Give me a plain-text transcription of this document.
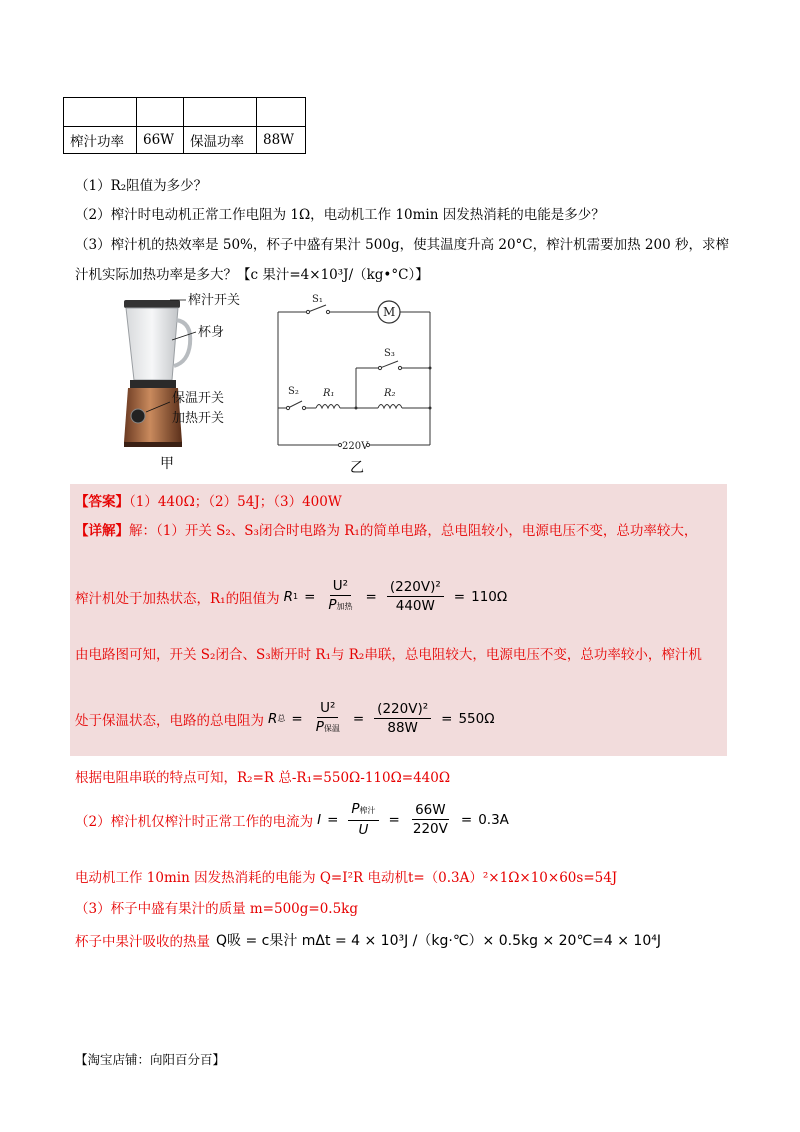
榨汁功率	66W	保温功率	88W
（1）R₂阻值为多少？
（2）榨汁时电动机正常工作电阻为 1Ω，电动机工作 10min 因发热消耗的电能是多少？
（3）榨汁机的热效率是 50%，杯子中盛有果汁 500g，使其温度升高 20°C，榨汁机需要加热 200 秒，求榨
汁机实际加热功率是多大？【c 果汁=4×10³J/（kg•°C）】
榨汁开关
杯身
保温开关
加热开关
甲
M
S₁
S₂
S₃
R₁	R₂
220V
乙
【答案】（1）440Ω；（2）54J；（3）400W
【详解】解：（1）开关 S₂、S₃闭合时电路为 R₁的简单电路，总电阻较小，电源电压不变，总功率较大，
榨汁机处于加热状态，R₁的阻值为 R $1 = \frac{\text{U²}}{\text{P加热}} = \frac{\text{(220V)²}}{440W} = 110\Omega$
由电路图可知，开关 S₂闭合、S₃断开时 R₁与 R₂串联，总电阻较大，电源电压不变，总功率较小，榨汁机
处于保温状态，电路的总电阻为 R 总 = $\frac{\text{U²}}{\text{P保温}} = \frac{\text{(220V)²}}{88W} = 550\Omega$
根据电阻串联的特点可知，R₂=R 总-R₁=550Ω-110Ω=440Ω
（2）榨汁机仅榨汁时正常工作的电流为 $I = \frac{\text{P榨汁}}{U} = \frac{66W}{220V} = 0.3A$
电动机工作 10min 因发热消耗的电能为 Q=I²R 电动机t=（0.3A）²×1Ω×10×60s=54J
（3）杯子中盛有果汁的质量 m=500g=0.5kg
杯子中果汁吸收的热量 Q吸 = c果汁 mΔt = 4 × 10³J /（kg·℃）× 0.5kg × 20℃=4 × 10⁴J
【淘宝店铺：向阳百分百】
